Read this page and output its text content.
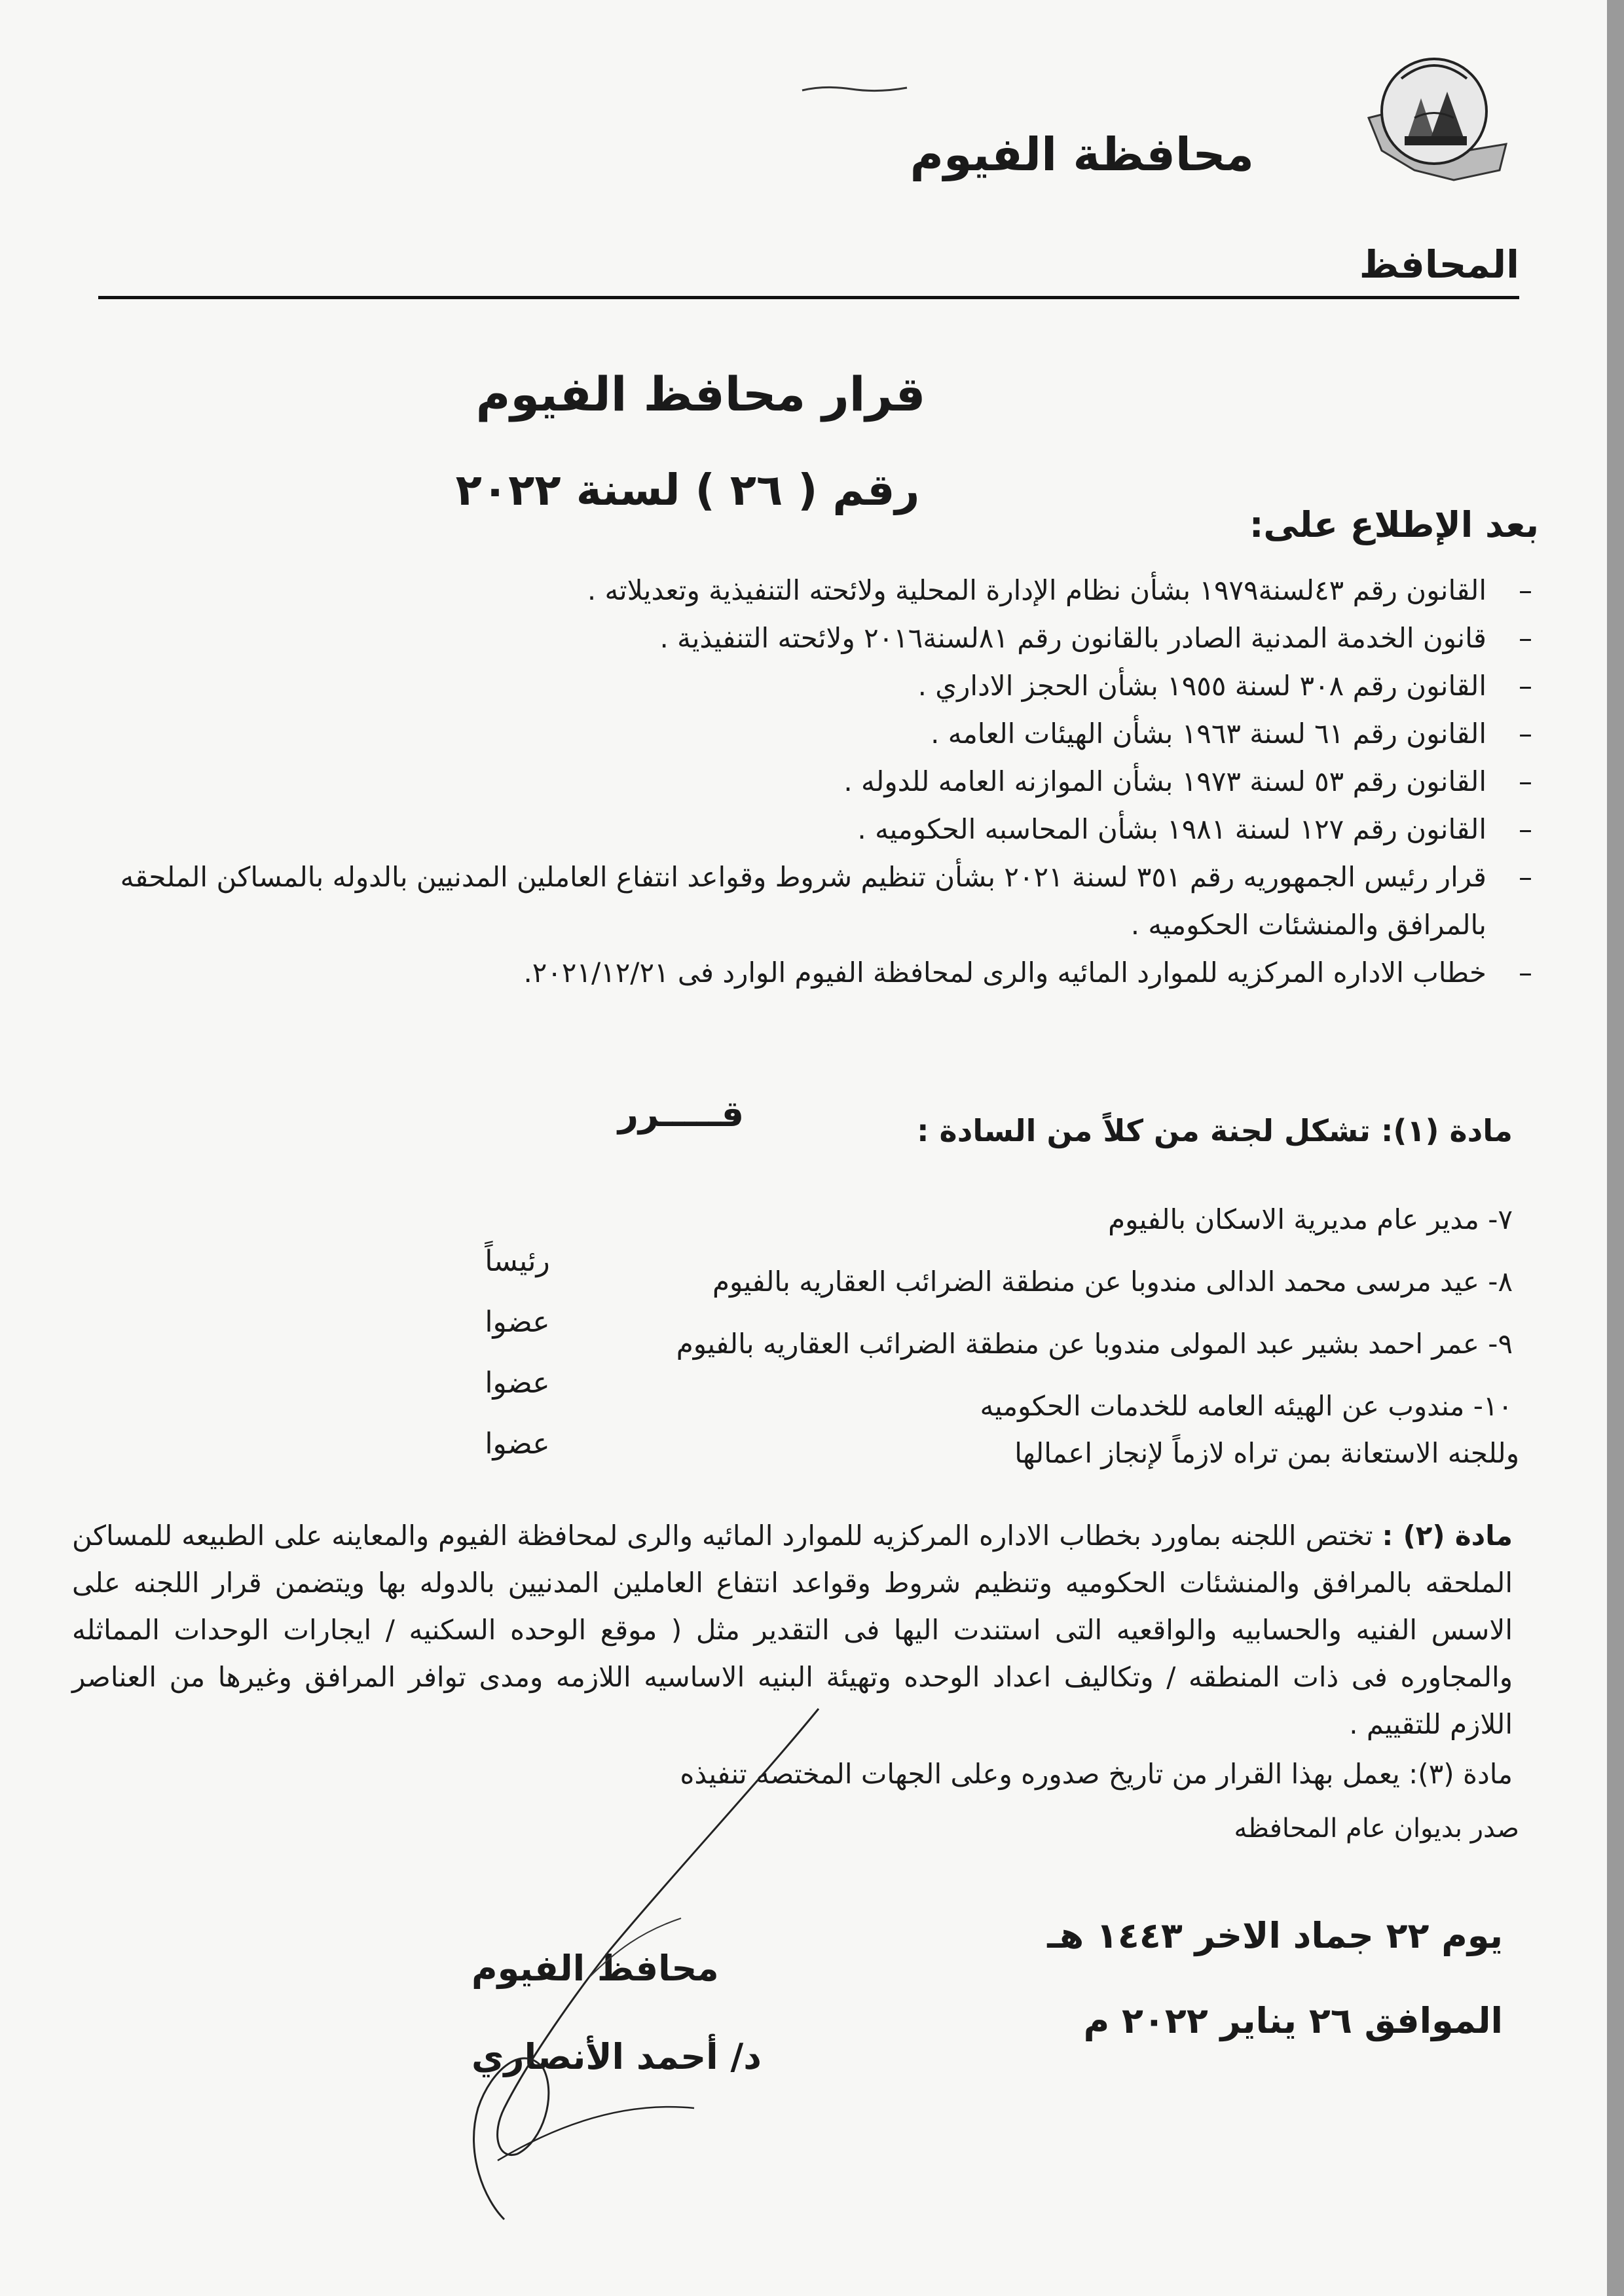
محافظة الفيوم
المحافظ
قرار محافظ الفيوم
رقم ( ٢٦ ) لسنة ٢٠٢٢
بعد الإطلاع على:
–
القانون رقم ٤٣لسنة١٩٧٩ بشأن نظام الإدارة المحلية ولائحته التنفيذية وتعديلاته .
–
قانون الخدمة المدنية الصادر بالقانون رقم ٨١لسنة٢٠١٦ ولائحته التنفيذية .
–
القانون رقم ٣٠٨ لسنة ١٩٥٥ بشأن الحجز الاداري .
–
القانون رقم ٦١ لسنة ١٩٦٣ بشأن الهيئات العامه .
–
القانون رقم ٥٣ لسنة ١٩٧٣ بشأن الموازنه العامه للدوله .
–
القانون رقم ١٢٧ لسنة ١٩٨١ بشأن المحاسبه الحكوميه .
–
قرار رئيس الجمهوريه رقم ٣٥١ لسنة ٢٠٢١ بشأن تنظيم شروط وقواعد انتفاع العاملين المدنيين بالدوله بالمساكن الملحقه بالمرافق والمنشئات الحكوميه .
–
خطاب الاداره المركزيه للموارد المائيه والرى لمحافظة الفيوم الوارد فى ٢٠٢١/١٢/٢١.
قـــــرر	مادة (١): تشكل لجنة من كلاً من السادة :
٧- مدير عام مديرية الاسكان بالفيوم
٨- عيد مرسى محمد الدالى مندوبا عن منطقة الضرائب العقاريه بالفيوم
٩- عمر احمد بشير عبد المولى مندوبا عن منطقة الضرائب العقاريه بالفيوم
١٠- مندوب عن الهيئه العامه للخدمات الحكوميه
رئيساً
عضوا
عضوا
عضوا	وللجنه الاستعانة بمن تراه لازماً لإنجاز اعمالها
مادة (٢) : تختص اللجنه بماورد بخطاب الاداره المركزيه للموارد المائيه والرى لمحافظة الفيوم والمعاينه على الطبيعه للمساكن الملحقه بالمرافق والمنشئات الحكوميه وتنظيم شروط وقواعد انتفاع العاملين المدنيين بالدوله بها ويتضمن قرار اللجنه على الاسس الفنيه والحسابيه والواقعيه التى استندت اليها فى التقدير مثل ( موقع الوحده السكنيه / ايجارات الوحدات المماثله والمجاوره فى ذات المنطقه / وتكاليف اعداد الوحده وتهيئة البنيه الاساسيه اللازمه ومدى توافر المرافق وغيرها من العناصر اللازم للتقييم .
مادة (٣): يعمل بهذا القرار من تاريخ صدوره وعلى الجهات المختصه تنفيذه
صدر بديوان عام المحافظه
يوم ٢٢ جماد الاخر ١٤٤٣ هـ
الموافق ٢٦ يناير ٢٠٢٢ م
محافظ الفيوم
د/ أحمد الأنصاري
